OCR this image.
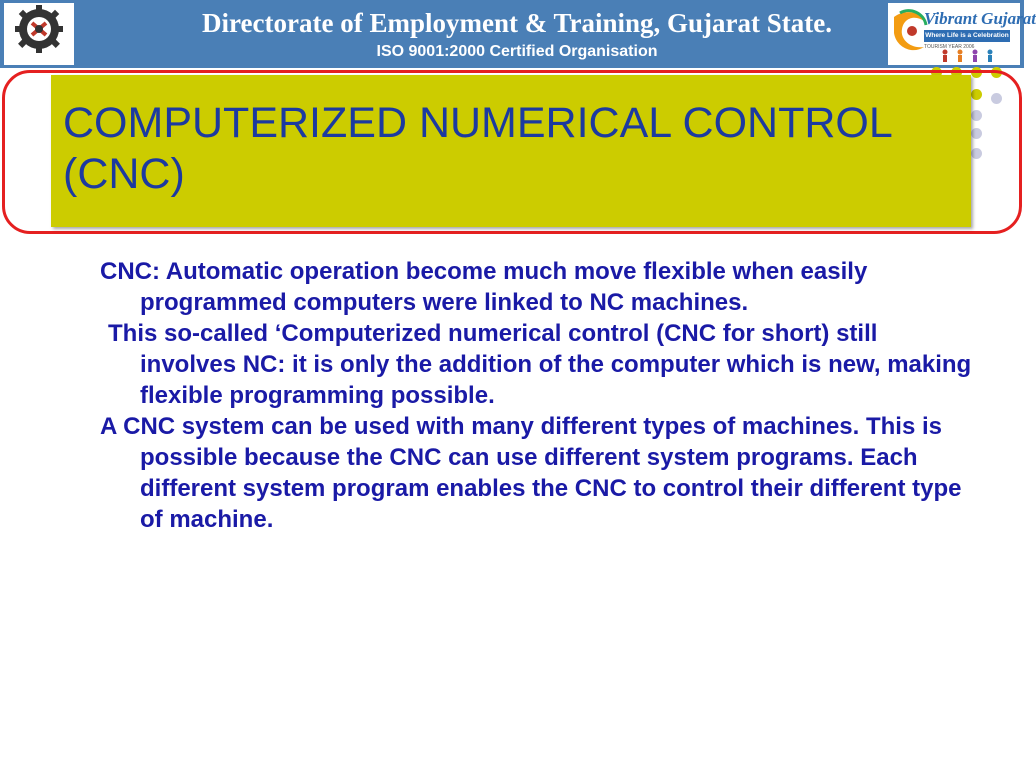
Directorate of Employment & Training, Gujarat State.
ISO 9001:2000 Certified Organisation
Vibrant Gujarat
Where Life is a Celebration
TOURISM YEAR 2006
COMPUTERIZED NUMERICAL CONTROL (CNC)

CNC: Automatic operation become much move flexible when easily programmed computers were linked to NC machines.

This so-called ‘Computerized numerical control (CNC for short) still involves NC: it is only the addition of the computer which is new, making flexible programming possible.

A CNC system can be used with many different types of machines. This is possible because the CNC can use different system programs. Each different system program enables the CNC to control their different type of machine.
